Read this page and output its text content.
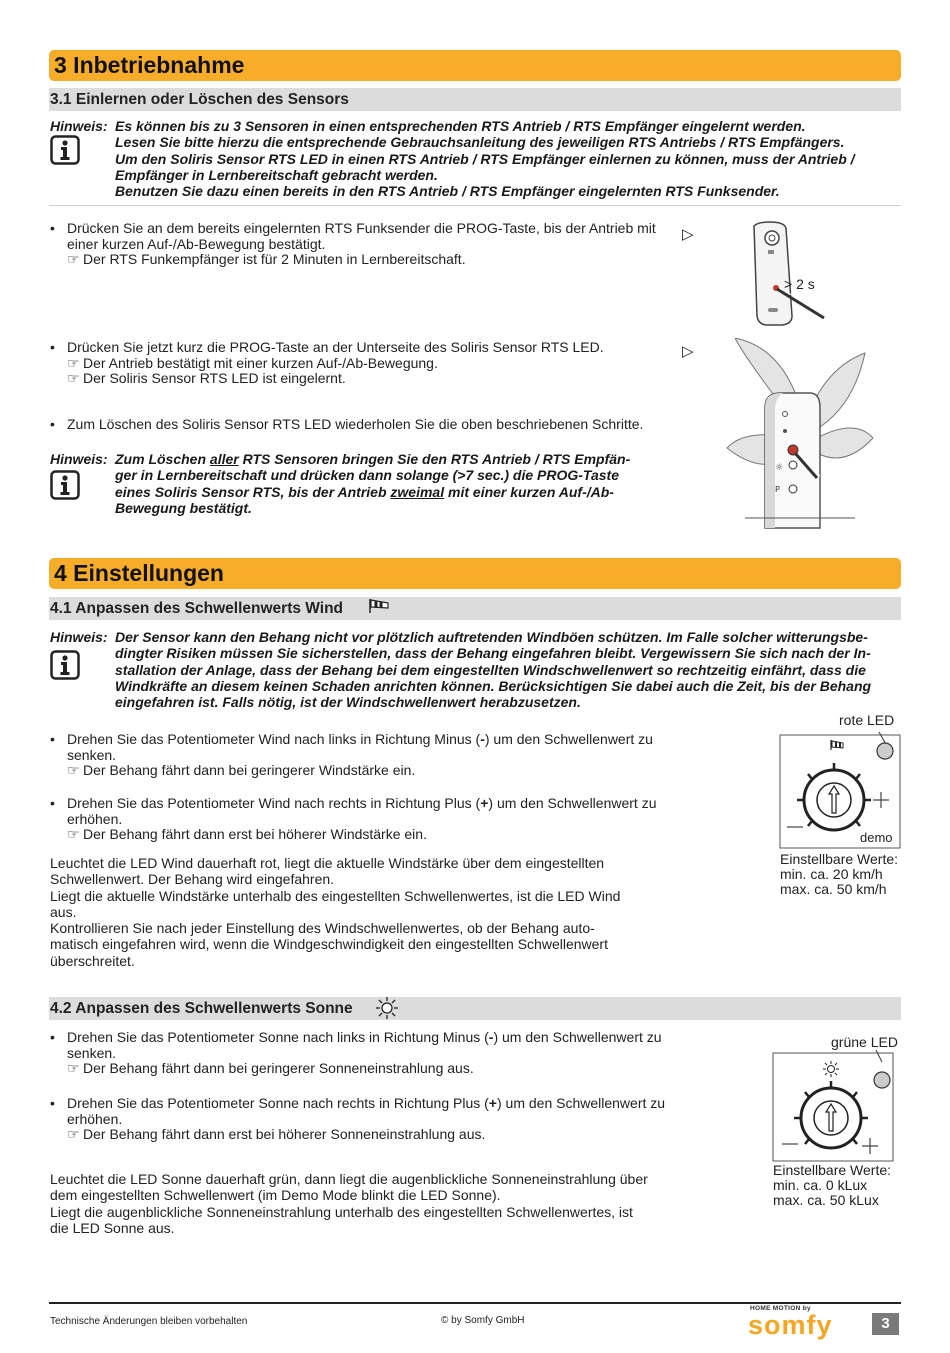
3 Inbetriebnahme
3.1 Einlernen oder Löschen des Sensors
Hinweis: Es können bis zu 3 Sensoren in einen entsprechenden RTS Antrieb / RTS Empfänger eingelernt werden.
Lesen Sie bitte hierzu die entsprechende Gebrauchsanleitung des jeweiligen RTS Antriebs / RTS Empfängers.
Um den Soliris Sensor RTS LED in einen RTS Antrieb / RTS Empfänger einlernen zu können, muss der Antrieb /
Empfänger in Lernbereitschaft gebracht werden.
Benutzen Sie dazu einen bereits in den RTS Antrieb / RTS Empfänger eingelernten RTS Funksender.
• Drücken Sie an dem bereits eingelernten RTS Funksender die PROG-Taste, bis der Antrieb mit

einer kurzen Auf-/Ab-Bewegung bestätigt.

☞ Der RTS Funkempfänger ist für 2 Minuten in Lernbereitschaft.

▷
> 2 s
• Drücken Sie jetzt kurz die PROG-Taste an der Unterseite des Soliris Sensor RTS LED.

☞ Der Antrieb bestätigt mit einer kurzen Auf-/Ab-Bewegung.

☞ Der Soliris Sensor RTS LED ist eingelernt.

▷
☼
P
• Zum Löschen des Soliris Sensor RTS LED wiederholen Sie die oben beschriebenen Schritte.

Hinweis: Zum Löschen aller RTS Sensoren bringen Sie den RTS Antrieb / RTS Empfän-
ger in Lernbereitschaft und drücken dann solange (>7 sec.) die PROG-Taste
eines Soliris Sensor RTS, bis der Antrieb zweimal mit einer kurzen Auf-/Ab-
Bewegung bestätigt.
4 Einstellungen
4.1 Anpassen des Schwellenwerts Wind
Hinweis: Der Sensor kann den Behang nicht vor plötzlich auftretenden Windböen schützen. Im Falle solcher witterungsbe-
dingter Risiken müssen Sie sicherstellen, dass der Behang eingefahren bleibt. Vergewissern Sie sich nach der In-
stallation der Anlage, dass der Behang bei dem eingestellten Windschwellenwert so rechtzeitig einfährt, dass die
Windkräfte an diesem keinen Schaden anrichten können. Berücksichtigen Sie dabei auch die Zeit, bis der Behang
eingefahren ist. Falls nötig, ist der Windschwellenwert herabzusetzen.
• Drehen Sie das Potentiometer Wind nach links in Richtung Minus (-) um den Schwellenwert zu

senken.

☞ Der Behang fährt dann bei geringerer Windstärke ein.

• Drehen Sie das Potentiometer Wind nach rechts in Richtung Plus (+) um den Schwellenwert zu

erhöhen.

☞ Der Behang fährt dann erst bei höherer Windstärke ein.

Leuchtet die LED Wind dauerhaft rot, liegt die aktuelle Windstärke über dem eingestellten
Schwellenwert. Der Behang wird eingefahren.
Liegt die aktuelle Windstärke unterhalb des eingestellten Schwellenwertes, ist die LED Wind
aus.
Kontrollieren Sie nach jeder Einstellung des Windschwellenwertes, ob der Behang auto-
matisch eingefahren wird, wenn die Windgeschwindigkeit den eingestellten Schwellenwert
überschreitet.
rote LED
demo

Einstellbare Werte:

min. ca. 20 km/h

max. ca. 50 km/h

4.2 Anpassen des Schwellenwerts Sonne
• Drehen Sie das Potentiometer Sonne nach links in Richtung Minus (-) um den Schwellenwert zu

senken.

☞ Der Behang fährt dann bei geringerer Sonneneinstrahlung aus.

• Drehen Sie das Potentiometer Sonne nach rechts in Richtung Plus (+) um den Schwellenwert zu

erhöhen.

☞ Der Behang fährt dann erst bei höherer Sonneneinstrahlung aus.

Leuchtet die LED Sonne dauerhaft grün, dann liegt die augenblickliche Sonneneinstrahlung über
dem eingestellten Schwellenwert (im Demo Mode blinkt die LED Sonne).
Liegt die augenblickliche Sonneneinstrahlung unterhalb des eingestellten Schwellenwertes, ist
die LED Sonne aus.
grüne LED

Einstellbare Werte:

min. ca. 0 kLux

max. ca. 50 kLux

Technische Änderungen bleiben vorbehalten	© by Somfy GmbH
HOME MOTION by
somfy	3
